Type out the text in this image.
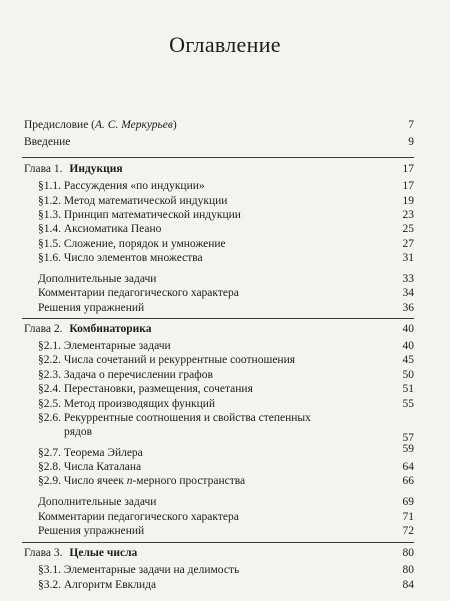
Оглавление
Предисловие (А. С. Меркурьев)	7
Введение	9
Глава 1. Индукция	17
§1.1. Рассуждения «по индукции»	17
§1.2. Метод математической индукции	19
§1.3. Принцип математической индукции	23
§1.4. Аксиоматика Пеано	25
§1.5. Сложение, порядок и умножение	27
§1.6. Число элементов множества	31
Дополнительные задачи	33
Комментарии педагогического характера	34
Решения упражнений	36
Глава 2. Комбинаторика	40
§2.1. Элементарные задачи	40
§2.2. Числа сочетаний и рекуррентные соотношения	45
§2.3. Задача о перечислении графов	50
§2.4. Перестановки, размещения, сочетания	51
§2.5. Метод производящих функций	55
§2.6. Рекуррентные соотношения и свойства степенных
рядов	57
§2.7. Теорема Эйлера	59
§2.8. Числа Каталана	64
§2.9. Число ячеек n-мерного пространства	66
Дополнительные задачи	69
Комментарии педагогического характера	71
Решения упражнений	72
Глава 3. Целые числа	80
§3.1. Элементарные задачи на делимость	80
§3.2. Алгоритм Евклида	84
